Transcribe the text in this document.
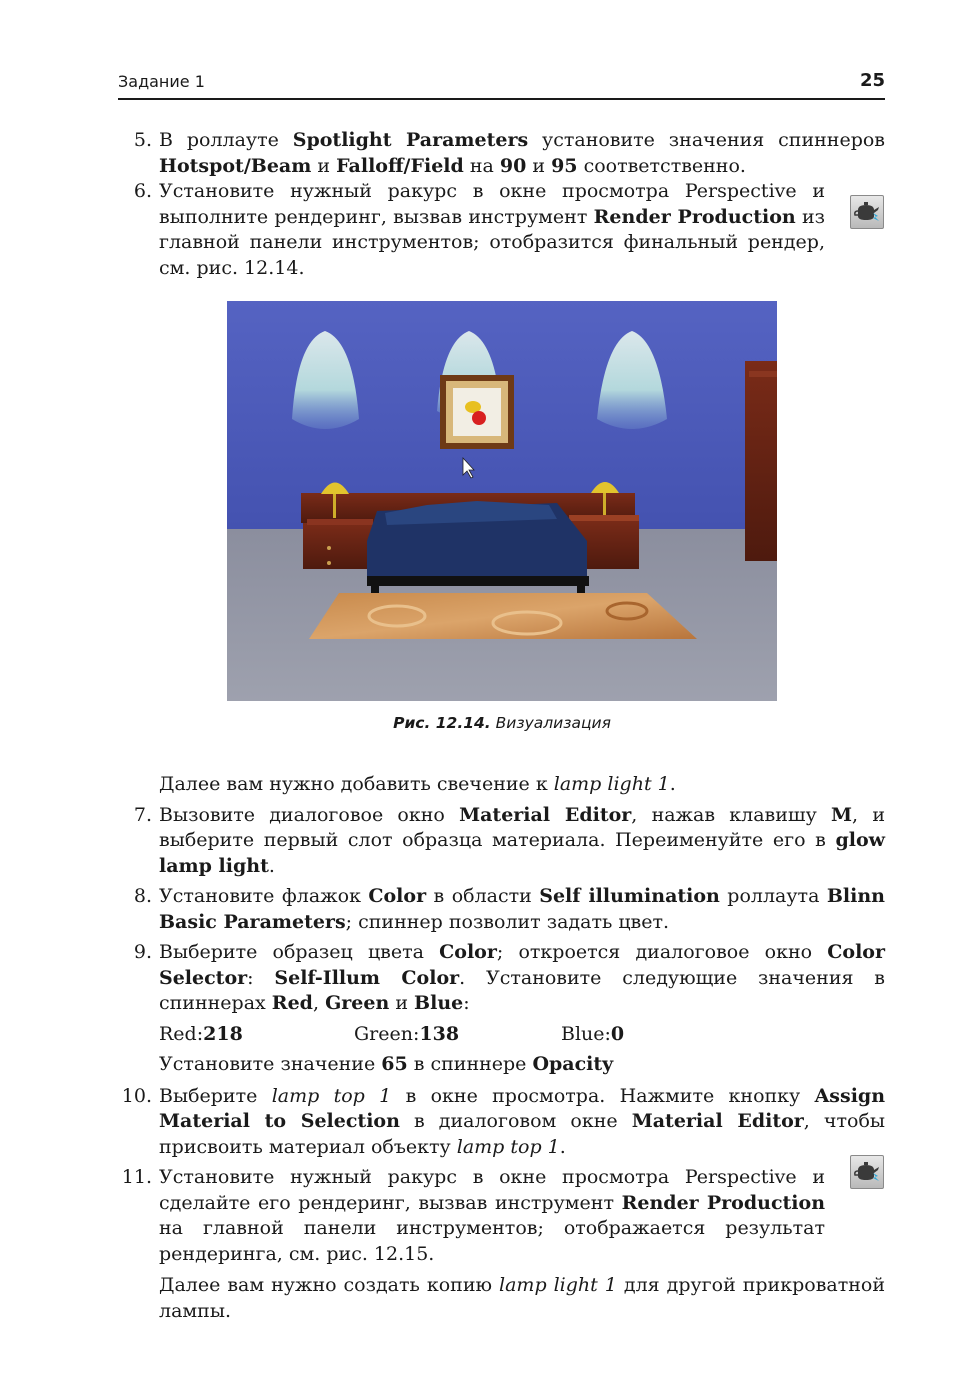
Задание 1	25
5. В роллауте Spotlight Parameters установите значения спиннеров Hotspot/Beam и Falloff/Field на 90 и 95 соответственно.
6. Установите нужный ракурс в окне просмотра Perspective и выполните рендеринг, вызвав инструмент Render Production из главной панели инструментов; отобразится финальный рендер, см. рис. 12.14.
Рис. 12.14. Визуализация
Далее вам нужно добавить свечение к lamp light 1.
7. Вызовите диалоговое окно Material Editor, нажав клавишу M, и выберите первый слот образца материала. Переименуйте его в glow lamp light.
8. Установите флажок Color в области Self illumination роллаута Blinn Basic Parameters; спиннер позволит задать цвет.
9. Выберите образец цвета Color; откроется диалоговое окно Color Selector: Self-Illum Color. Установите следующие значения в спиннерах Red, Green и Blue:
Red:218	Green:138	Blue:0
Установите значение 65 в спиннере Opacity
10. Выберите lamp top 1 в окне просмотра. Нажмите кнопку Assign Material to Selection в диалоговом окне Material Editor, чтобы присвоить материал объекту lamp top 1.
11. Установите нужный ракурс в окне просмотра Perspective и сделайте его рендеринг, вызвав инструмент Render Production на главной панели инструментов; отображается результат рендеринга, см. рис. 12.15.
Далее вам нужно создать копию lamp light 1 для другой прикроватной лампы.
